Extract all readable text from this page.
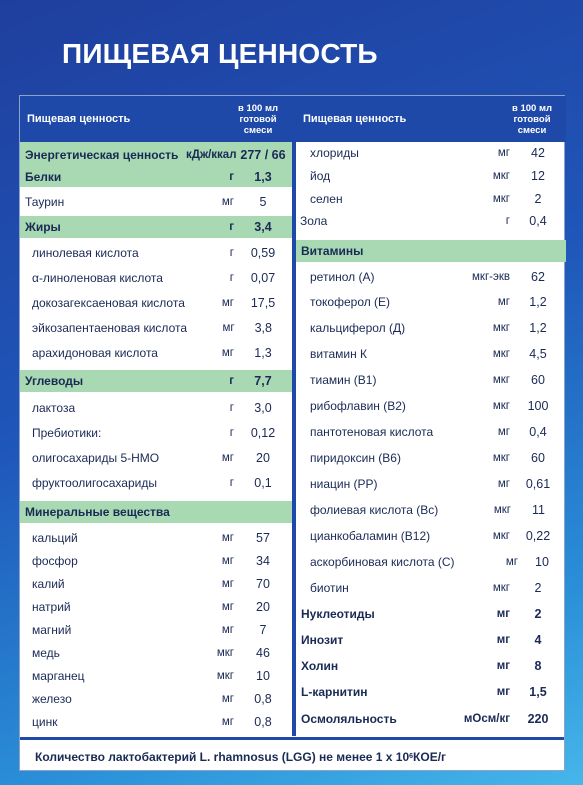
ПИЩЕВАЯ ЦЕННОСТЬ
Пищевая ценность
в 100 мл
готовой
смеси
Энергетическая ценность кДж/ккал 277 / 66
Белки	г	1,3
Таурин	мг	5
Жиры	г	3,4
линолевая кислота	г	0,59
α-линоленовая кислота	г	0,07
докозагексаеновая кислота	мг	17,5
эйкозапентаеновая кислота	мг	3,8
арахидоновая кислота	мг	1,3
Углеводы	г	7,7
лактоза	г	3,0
Пребиотики:	г	0,12
олигосахариды 5-HMO	мг	20
фруктоолигосахариды	г	0,1
Минеральные вещества
кальций	мг	57
фосфор	мг	34
калий	мг	70
натрий	мг	20
магний	мг	7
медь	мкг	46
марганец	мкг	10
железо	мг	0,8
цинк	мг	0,8
Пищевая ценность
в 100 мл
готовой
смеси
хлориды	мг	42
йод	мкг	12
селен	мкг	2
Зола	г	0,4
Витамины
ретинол (А)	мкг-экв	62
токоферол (Е)	мг	1,2
кальциферол (Д)	мкг	1,2
витамин К	мкг	4,5
тиамин (В1)	мкг	60
рибофлавин (В2)	мкг	100
пантотеновая кислота	мг	0,4
пиридоксин (В6)	мкг	60
ниацин (РР)	мг	0,61
фолиевая кислота (Вс)	мкг	11
цианкобаламин (В12)	мкг	0,22
аскорбиновая кислота (С)	мг	10
биотин	мкг	2
Нуклеотиды	мг	2
Инозит	мг	4
Холин	мг	8
L-карнитин	мг	1,5
Осмоляльность	мОсм/кг	220
Количество лактобактерий L. rhamnosus (LGG) не менее 1 х 10 6 КОЕ/г
